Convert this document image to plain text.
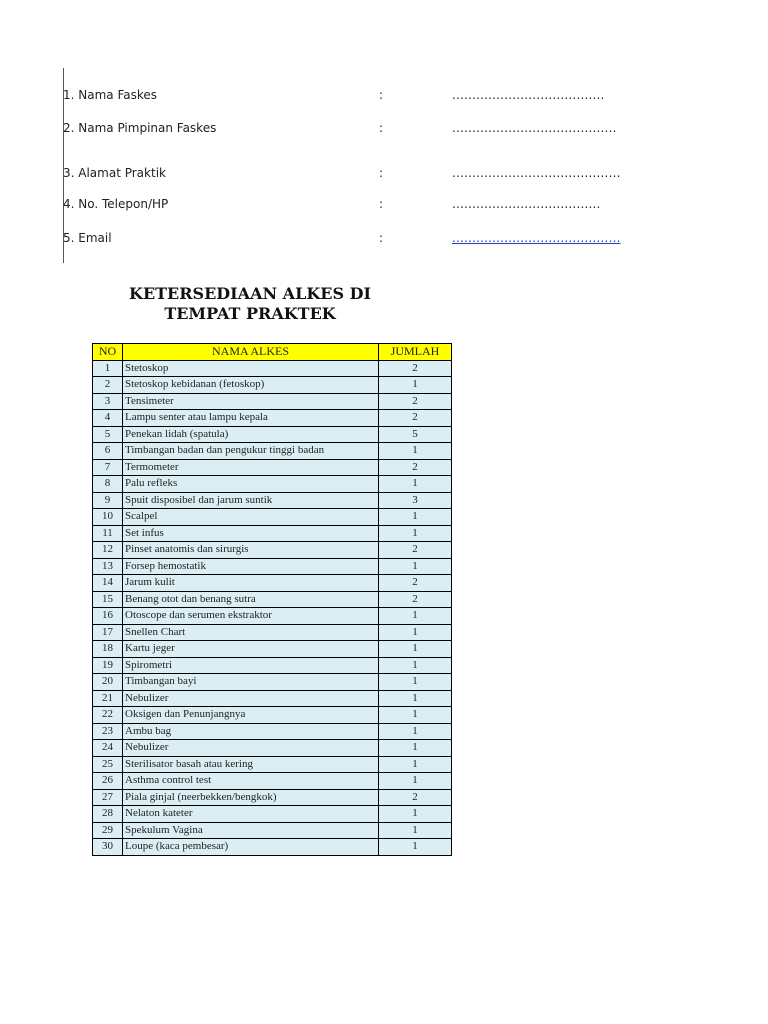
1. Nama Faskes	:	......................................
2. Nama Pimpinan Faskes	:	.........................................
3. Alamat Praktik	:	..........................................
4. No. Telepon/HP	:	.....................................
5. Email	:	..........................................
KETERSEDIAAN ALKES DI
TEMPAT PRAKTEK
NO	NAMA ALKES	JUMLAH
1	Stetoskop	2
2	Stetoskop kebidanan (fetoskop)	1
3	Tensimeter	2
4	Lampu senter atau lampu kepala	2
5	Penekan lidah (spatula)	5
6	Timbangan badan dan pengukur tinggi badan	1
7	Termometer	2
8	Palu refleks	1
9	Spuit disposibel dan jarum suntik	3
10	Scalpel	1
11	Set infus	1
12	Pinset anatomis dan sirurgis	2
13	Forsep hemostatik	1
14	Jarum kulit	2
15	Benang otot dan benang sutra	2
16	Otoscope dan serumen ekstraktor	1
17	Snellen Chart	1
18	Kartu jeger	1
19	Spirometri	1
20	Timbangan bayi	1
21	Nebulizer	1
22	Oksigen dan Penunjangnya	1
23	Ambu bag	1
24	Nebulizer	1
25	Sterilisator basah atau kering	1
26	Asthma control test	1
27	Piala ginjal (neerbekken/bengkok)	2
28	Nelaton kateter	1
29	Spekulum Vagina	1
30	Loupe (kaca pembesar)	1
